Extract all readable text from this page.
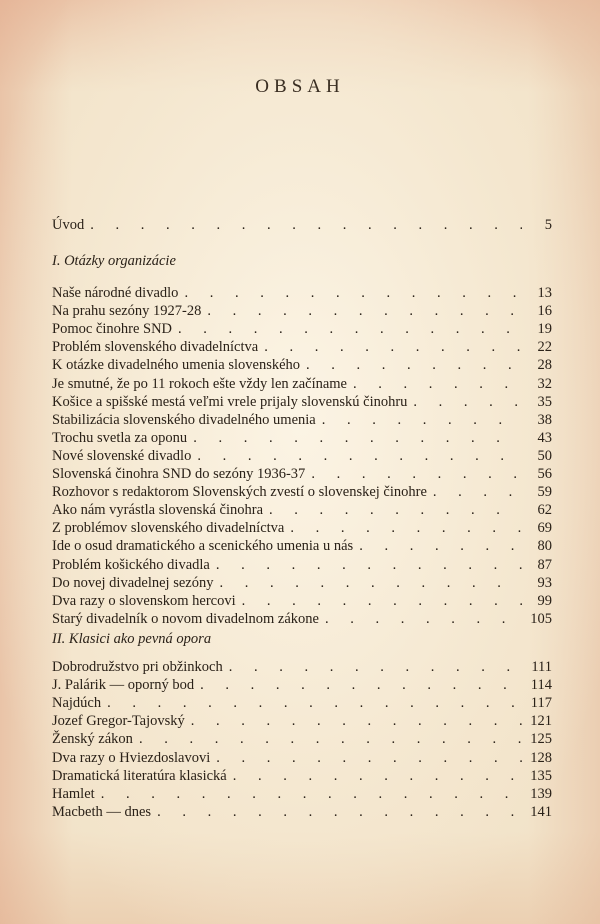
OBSAH
Úvod . . .	5
I. Otázky organizácie
Naše národné divadlo . . .	13
Na prahu sezóny 1927-28 . . .	16
Pomoc činohre SND . . .	19
Problém slovenského divadelníctva . . .	22
K otázke divadelného umenia slovenského . . .	28
Je smutné, že po 11 rokoch ešte vždy len začíname . . .	32
Košice a spišské mestá veľmi vrele prijaly slovenskú činohru . . .	35
Stabilizácia slovenského divadelného umenia . . .	38
Trochu svetla za oponu . . .	43
Nové slovenské divadlo . . .	50
Slovenská činohra SND do sezóny 1936-37 . . .	56
Rozhovor s redaktorom Slovenských zvestí o slovenskej činohre . . .	59
Ako nám vyrástla slovenská činohra . . .	62
Z problémov slovenského divadelníctva . . .	69
Ide o osud dramatického a scenického umenia u nás . . .	80
Problém košického divadla . . .	87
Do novej divadelnej sezóny . . .	93
Dva razy o slovenskom hercovi . . .	99
Starý divadelník o novom divadelnom zákone . . .	105
II. Klasici ako pevná opora
Dobrodružstvo pri obžinkoch . . .	111
J. Palárik — oporný bod . . .	114
Najdúch . . .	117
Jozef Gregor-Tajovský . . .	121
Ženský zákon . . .	125
Dva razy o Hviezdoslavovi . . .	128
Dramatická literatúra klasická . . .	135
Hamlet . . .	139
Macbeth — dnes . . .	141
